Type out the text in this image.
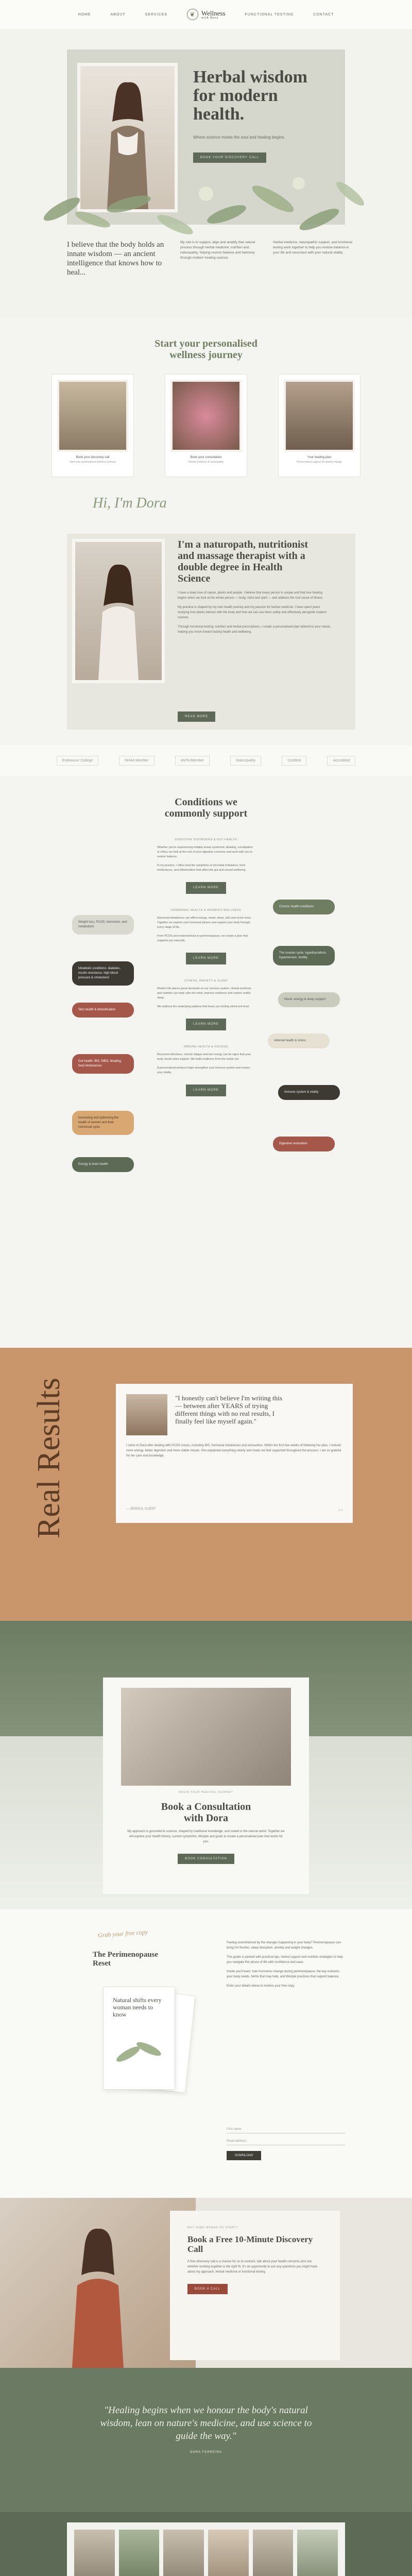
HOME	ABOUT	SERVICES	❦ Wellness
with Dora
FUNCTIONAL TESTING	CONTACT
Herbal wisdom for modern health.

Where science meets the soul and healing begins.

BOOK YOUR DISCOVERY CALL

I believe that the body holds an innate wisdom — an ancient intelligence that knows how to heal...

My role is to support, align and amplify that natural process through herbal medicine, nutrition and naturopathy, helping restore balance and harmony through modern healing science.

Herbal medicine, naturopathic support, and functional testing work together to help you restore balance in your life and reconnect with your natural vitality.

Start your personalised wellness journey
Book your discovery call
Start your personalised wellness journey
Book your consultation
Herbal medicine & naturopathy
Your healing plan
Personalised support for lasting change
Hi, I'm Dora
I'm a naturopath, nutritionist and massage therapist with a double degree in Health Science

I have a deep love of nature, plants and people. I believe that every person is unique and that true healing begins when we look at the whole person — body, mind and spirit — and address the root cause of illness.

My practice is shaped by my own health journey and my passion for herbal medicine. I have spent years studying how plants interact with the body and how we can use them safely and effectively alongside modern science.

Through functional testing, nutrition and herbal prescriptions, I create a personalised plan tailored to your needs, helping you move toward lasting health and wellbeing.

READ MORE
Endeavour College	NHAA Member	ANTA Member	Naturopathy	Certified	Accredited
Conditions we commonly support
DIGESTIVE DISORDERS & GUT HEALTH

Whether you're experiencing irritable bowel syndrome, bloating, constipation or reflux, we look at the root of your digestive concerns and work with you to restore balance.

In my practice, I often treat the symptoms of microbial imbalance, food intolerances, and inflammation that affect the gut and overall wellbeing.

LEARN MORE
HORMONAL HEALTH & WOMEN'S WELLNESS

Hormonal imbalances can affect energy, mood, sleep, skin and much more. Together we explore your hormonal picture and support your body through every stage of life.

From PCOS and endometriosis to perimenopause, we create a plan that supports you naturally.

LEARN MORE
STRESS, ANXIETY & SLEEP

Modern life places great demands on our nervous system. Herbal medicine and nutrition can help calm the mind, improve resilience and restore restful sleep.

We address the underlying patterns that leave you feeling wired and tired.

LEARN MORE
IMMUNE HEALTH & FATIGUE

Recurrent infections, chronic fatigue and low energy can be signs that your body needs extra support. We build resilience from the inside out.

A personalised protocol helps strengthen your immune system and restore your vitality.

LEARN MORE
Weight loss, PCOS, hormones, and metabolism
Chronic health conditions
Metabolic conditions: diabetes, insulin resistance, high blood pressure & cholesterol
The ovarian cycle, hypothyroidism, hypertension, fertility
Skin health & detoxification
Mood, energy & sleep support
Gut health: IBS, SIBO, bloating, food intolerances
Adrenal health & stress
Increasing and optimising the health of women and their menstrual cycle
Immune system & vitality
Energy & brain health
Digestive restoration
Real Results	"I honestly can't believe I'm writing this — between after YEARS of trying different things with no real results, I finally feel like myself again."

I came to Dora after dealing with PCOS issues, including IBS, hormonal imbalances and exhaustion. Within the first few weeks of following her plan, I noticed more energy, better digestion and more stable moods. She explained everything clearly and made me feel supported throughout the process. I am so grateful for her care and knowledge.

— JESSICA, CLIENT	‹ ›
BEGIN YOUR HEALING JOURNEY
Book a Consultation with Dora

My approach is grounded in science, shaped by traditional knowledge, and rooted in the natural world. Together we will explore your health history, current symptoms, lifestyle and goals to create a personalised plan that works for you.

BOOK CONSULTATION
Grab your free copy
The Perimenopause Reset
Natural shifts every woman needs to know

Feeling overwhelmed by the changes happening in your body? Perimenopause can bring hot flushes, sleep disruption, anxiety and weight changes.

This guide is packed with practical tips, herbal support and nutrition strategies to help you navigate this phase of life with confidence and ease.

Inside you'll learn: how hormones change during perimenopause, the key nutrients your body needs, herbs that may help, and lifestyle practices that support balance.

Enter your details below to receive your free copy.

First name
Email address
DOWNLOAD
NOT SURE WHERE TO START?
Book a Free 10-Minute Discovery Call

A free discovery call is a chance for us to connect, talk about your health concerns and see whether working together is the right fit. It's an opportunity to ask any questions you might have about my approach, herbal medicine or functional testing.

BOOK A CALL

"Healing begins when we honour the body's natural wisdom, lean on nature's medicine, and use science to guide the way."

DORA FERREIRA
